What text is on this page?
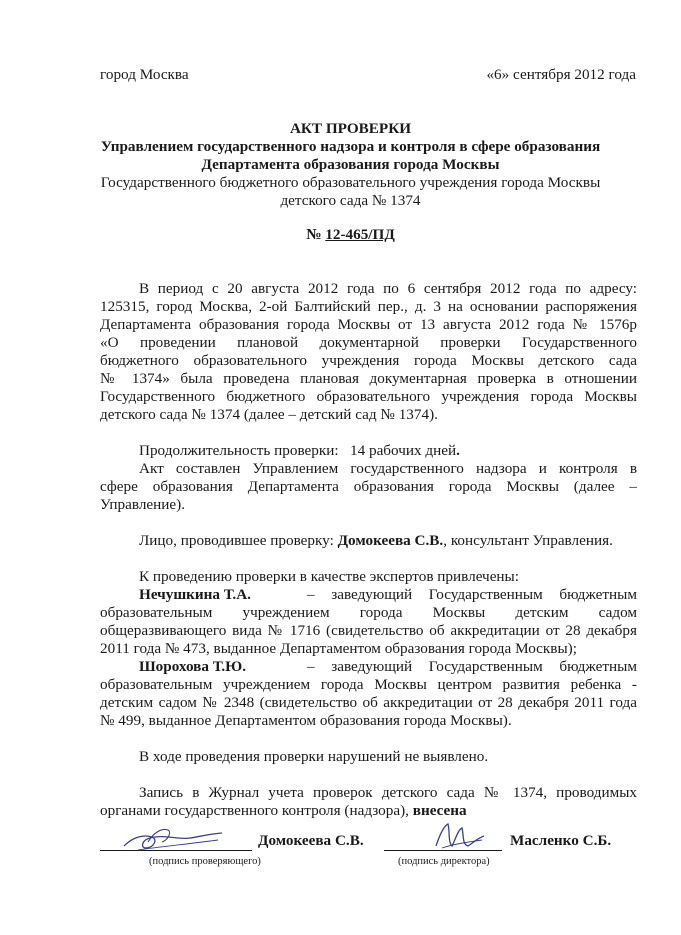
город Москва	«6» сентября 2012 года
АКТ ПРОВЕРКИ
Управлением государственного надзора и контроля в сфере образования
Департамента образования города Москвы
Государственного бюджетного образовательного учреждения города Москвы
детского сада № 1374
№ 12-465/ПД
В период с 20 августа 2012 года по 6 сентября 2012 года по адресу:
125315, город Москва, 2-ой Балтийский пер., д. 3 на основании распоряжения
Департамента образования города Москвы от 13 августа 2012 года № 1576р
«О проведении плановой документарной проверки Государственного
бюджетного образовательного учреждения города Москвы детского сада
№ 1374» была проведена плановая документарная проверка в отношении
Государственного бюджетного образовательного учреждения города Москвы
детского сада № 1374 (далее – детский сад № 1374).
Продолжительность проверки: 14 рабочих дней.
Акт составлен Управлением государственного надзора и контроля в
сфере образования Департамента образования города Москвы (далее –
Управление).
Лицо, проводившее проверку: Домокеева С.В., консультант Управления.
К проведению проверки в качестве экспертов привлечены:
Нечушкина Т.А.	– заведующий Государственным бюджетным
образовательным учреждением города Москвы детским садом
общеразвивающего вида № 1716 (свидетельство об аккредитации от 28 декабря
2011 года № 473, выданное Департаментом образования города Москвы);
Шорохова Т.Ю.	– заведующий Государственным бюджетным
образовательным учреждением города Москвы центром развития ребенка -
детским садом № 2348 (свидетельство об аккредитации от 28 декабря 2011 года
№ 499, выданное Департаментом образования города Москвы).
В ходе проведения проверки нарушений не выявлено.
Запись в Журнал учета проверок детского сада № 1374, проводимых
органами государственного контроля (надзора), внесена
Домокеева С.В.	Масленко С.Б.
(подпись проверяющего)	(подпись директора)
